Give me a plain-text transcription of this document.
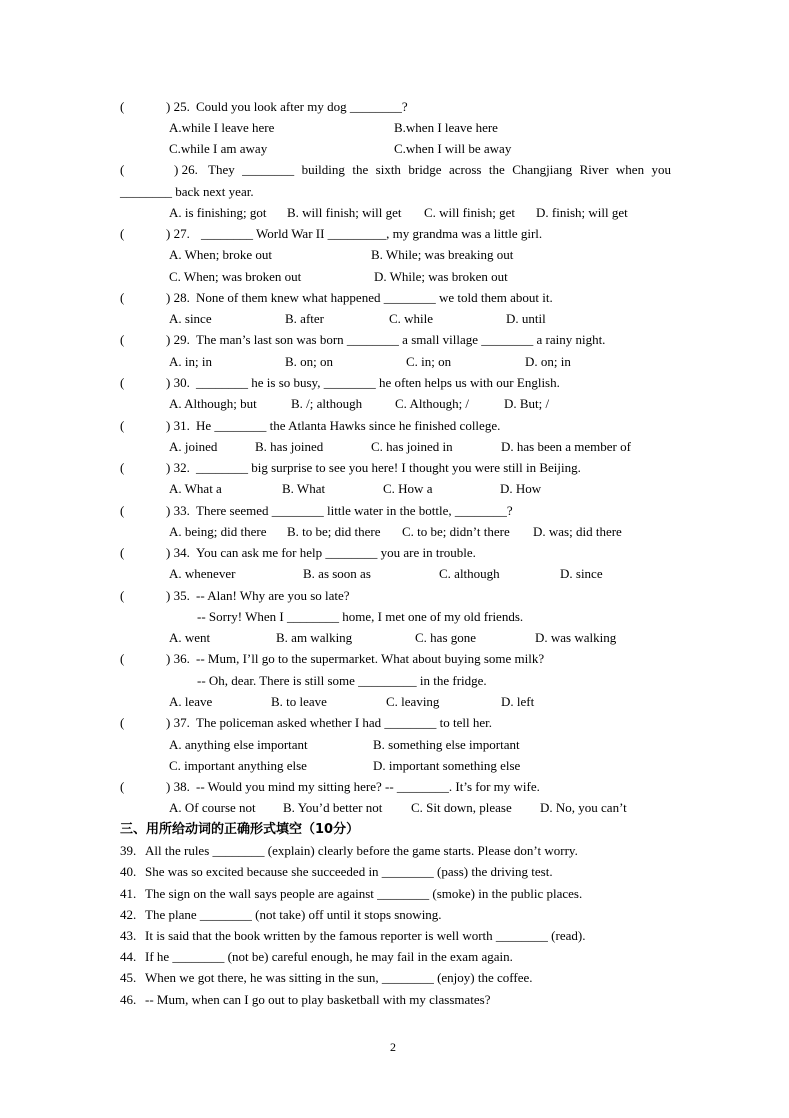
(	) 25. Could you look after my dog ________?
A.while I leave here	B.when I leave here
C.while I am away	C.when I will be away
(	) 26. They ________ building the sixth bridge across the Changjiang River when you
________ back next year.
A. is finishing; got B. will finish; will get C. will finish; get D. finish; will get
(	) 27. ________ World War II _________, my grandma was a little girl.
A. When; broke out	B. While; was breaking out
C. When; was broken out	D. While; was broken out
(	) 28. None of them knew what happened ________ we told them about it.
A. since	B. after	C. while	D. until
(	) 29. The man’s last son was born ________ a small village ________ a rainy night.
A. in; in	B. on; on	C. in; on	D. on; in
(	) 30. ________ he is so busy, ________ he often helps us with our English.
A. Although; but	B. /; although	C. Although; /	D. But; /
(	) 31. He ________ the Atlanta Hawks since he finished college.
A. joined	B. has joined	C. has joined in	D. has been a member of
(	) 32. ________ big surprise to see you here! I thought you were still in Beijing.
A. What a	B. What	C. How a	D. How
(	) 33. There seemed ________ little water in the bottle, ________?
A. being; did there B. to be; did there C. to be; didn’t there D. was; did there
(	) 34. You can ask me for help ________ you are in trouble.
A. whenever	B. as soon as	C. although	D. since
(	) 35. -- Alan! Why are you so late?
-- Sorry! When I ________ home, I met one of my old friends.
A. went	B. am walking	C. has gone	D. was walking
(	) 36. -- Mum, I’ll go to the supermarket. What about buying some milk?
-- Oh, dear. There is still some _________ in the fridge.
A. leave	B. to leave	C. leaving	D. left
(	) 37. The policeman asked whether I had ________ to tell her.
A. anything else important	B. something else important
C. important anything else	D. important something else
(	) 38. -- Would you mind my sitting here? -- ________. It’s for my wife.
A. Of course not B. You’d better not C. Sit down, please D. No, you can’t
三、用所给动词的正确形式填空（10分）
39. All the rules ________ (explain) clearly before the game starts. Please don’t worry.
40. She was so excited because she succeeded in ________ (pass) the driving test.
41. The sign on the wall says people are against ________ (smoke) in the public places.
42. The plane ________ (not take) off until it stops snowing.
43. It is said that the book written by the famous reporter is well worth ________ (read).
44. If he ________ (not be) careful enough, he may fail in the exam again.
45. When we got there, he was sitting in the sun, ________ (enjoy) the coffee.
46. -- Mum, when can I go out to play basketball with my classmates?
2
